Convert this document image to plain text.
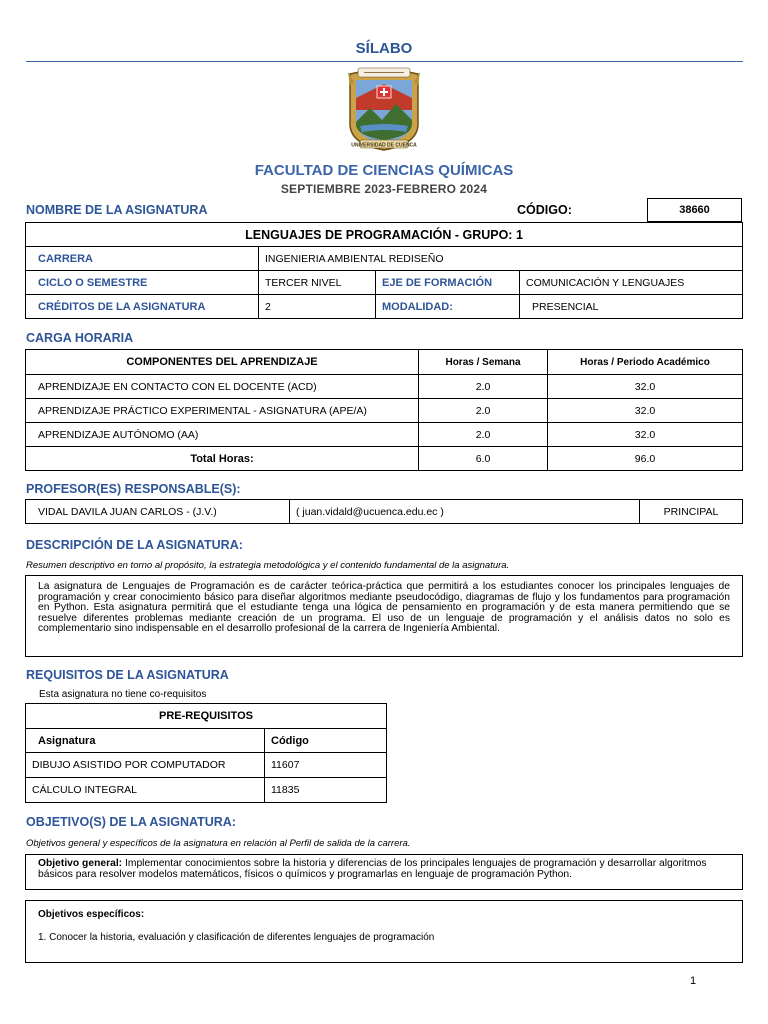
SÍLABO
UNIVERSIDAD DE CUENCA
FACULTAD DE CIENCIAS QUÍMICAS
SEPTIEMBRE 2023-FEBRERO 2024
NOMBRE DE LA ASIGNATURA	CÓDIGO:	38660
LENGUAJES DE PROGRAMACIÓN - GRUPO: 1			
CARRERA	INGENIERIA AMBIENTAL REDISEÑO		
CICLO O SEMESTRE	TERCER NIVEL	EJE DE FORMACIÓN	COMUNICACIÓN Y LENGUAJES
CRÉDITOS DE LA ASIGNATURA	2	MODALIDAD:	PRESENCIAL
CARGA HORARIA
COMPONENTES DEL APRENDIZAJE	Horas / Semana	Horas / Periodo Académico
APRENDIZAJE EN CONTACTO CON EL DOCENTE (ACD)	2.0	32.0
APRENDIZAJE PRÁCTICO EXPERIMENTAL - ASIGNATURA (APE/A)	2.0	32.0
APRENDIZAJE AUTÓNOMO (AA)	2.0	32.0
Total Horas:	6.0	96.0
PROFESOR(ES) RESPONSABLE(S):
VIDAL DAVILA JUAN CARLOS - (J.V.)	( juan.vidald@ucuenca.edu.ec )	PRINCIPAL
DESCRIPCIÓN DE LA ASIGNATURA:
Resumen descriptivo en torno al propósito, la estrategia metodológica y el contenido fundamental de la asignatura.
La asignatura de Lenguajes de Programación es de carácter teórica-práctica que permitirá a los estudiantes conocer los principales lenguajes de programación y crear conocimiento básico para diseñar algoritmos mediante pseudocódigo, diagramas de flujo y los fundamentos para programación en Python. Esta asignatura permitirá que el estudiante tenga una lógica de pensamiento en programación y de esta manera permitiendo que se resuelve diferentes problemas mediante creación de un programa. El uso de un lenguaje de programación y el análisis datos no solo es complementario sino indispensable en el desarrollo profesional de la carrera de Ingeniería Ambiental.
REQUISITOS DE LA ASIGNATURA
Esta asignatura no tiene co-requisitos
PRE-REQUISITOS	
Asignatura	Código
DIBUJO ASISTIDO POR COMPUTADOR	11607
CÁLCULO INTEGRAL	11835
OBJETIVO(S) DE LA ASIGNATURA:
Objetivos general y específicos de la asignatura en relación al Perfil de salida de la carrera.
Objetivo general: Implementar conocimientos sobre la historia y diferencias de los principales lenguajes de programación y desarrollar algoritmos básicos para resolver modelos matemáticos, físicos o químicos y programarlas en lenguaje de programación Python.
Objetivos específicos:
1. Conocer la historia, evaluación y clasificación de diferentes lenguajes de programación
1
